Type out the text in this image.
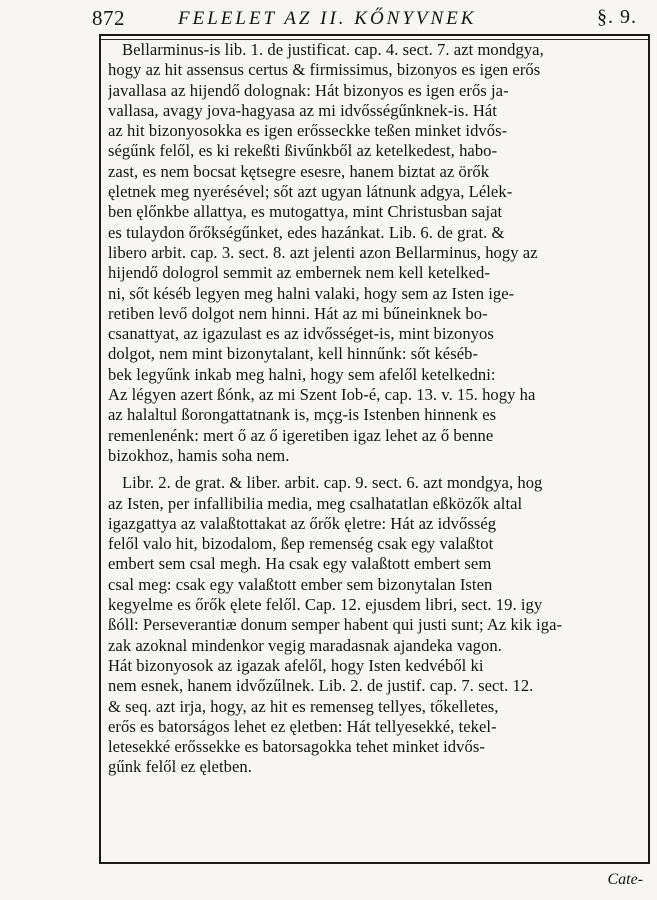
872	FELELET AZ II. KŐNYVNEK	§. 9.
Bellarminus-is lib. 1. de justificat. cap. 4. sect. 7. azt mondgya,
hogy az hit assensus certus & firmissimus, bizonyos es igen erős
javallasa az hijendő dolognak: Hát bizonyos es igen erős ja-
vallasa, avagy jova-hagyasa az mi idvősségűnknek-is. Hát
az hit bizonyosokka es igen erősseckke teßen minket idvős-
ségűnk felől, es ki rekeßti ßivűnkből az ketelkedest, habo-
zast, es nem bocsat kętsegre esesre, hanem biztat az örők
ęletnek meg nyerésével; sőt azt ugyan látnunk adgya, Lélek-
ben ęlőnkbe allattya, es mutogattya, mint Christusban sajat
es tulaydon őrőkségűnket, edes hazánkat. Lib. 6. de grat. &
libero arbit. cap. 3. sect. 8. azt jelenti azon Bellarminus, hogy az
hijendő dologrol semmit az embernek nem kell ketelked-
ni, sőt késéb legyen meg halni valaki, hogy sem az Isten ige-
retiben levő dolgot nem hinni. Hát az mi bűneinknek bo-
csanattyat, az igazulast es az idvősséget-is, mint bizonyos
dolgot, nem mint bizonytalant, kell hinnűnk: sőt késéb-
bek legyűnk inkab meg halni, hogy sem afelől ketelkedni:
Az légyen azert ßónk, az mi Szent Iob-é, cap. 13. v. 15. hogy ha
az halaltul ßorongattatnank is, mçg-is Istenben hinnenk es
remenlenénk: mert ő az ő igeretiben igaz lehet az ő benne
bizokhoz, hamis soha nem.
Libr. 2. de grat. & liber. arbit. cap. 9. sect. 6. azt mondgya, hog
az Isten, per infallibilia media, meg csalhatatlan eßközők altal
igazgattya az valaßtottakat az őrők ęletre: Hát az idvősség
felől valo hit, bizodalom, ßep remenség csak egy valaßtot
embert sem csal megh. Ha csak egy valaßtott embert sem
csal meg: csak egy valaßtott ember sem bizonytalan Isten
kegyelme es őrők ęlete felől. Cap. 12. ejusdem libri, sect. 19. igy
ßóll: Perseverantiæ donum semper habent qui justi sunt; Az kik iga-
zak azoknal mindenkor vegig maradasnak ajandeka vagon.
Hát bizonyosok az igazak afelől, hogy Isten kedvéből ki
nem esnek, hanem idvőzűlnek. Lib. 2. de justif. cap. 7. sect. 12.
& seq. azt irja, hogy, az hit es remenseg tellyes, tőkelletes,
erős es batorságos lehet ez ęletben: Hát tellyesekké, tekel-
letesekké erőssekke es batorsagokka tehet minket idvős-
gűnk felől ez ęletben.
Cate-
